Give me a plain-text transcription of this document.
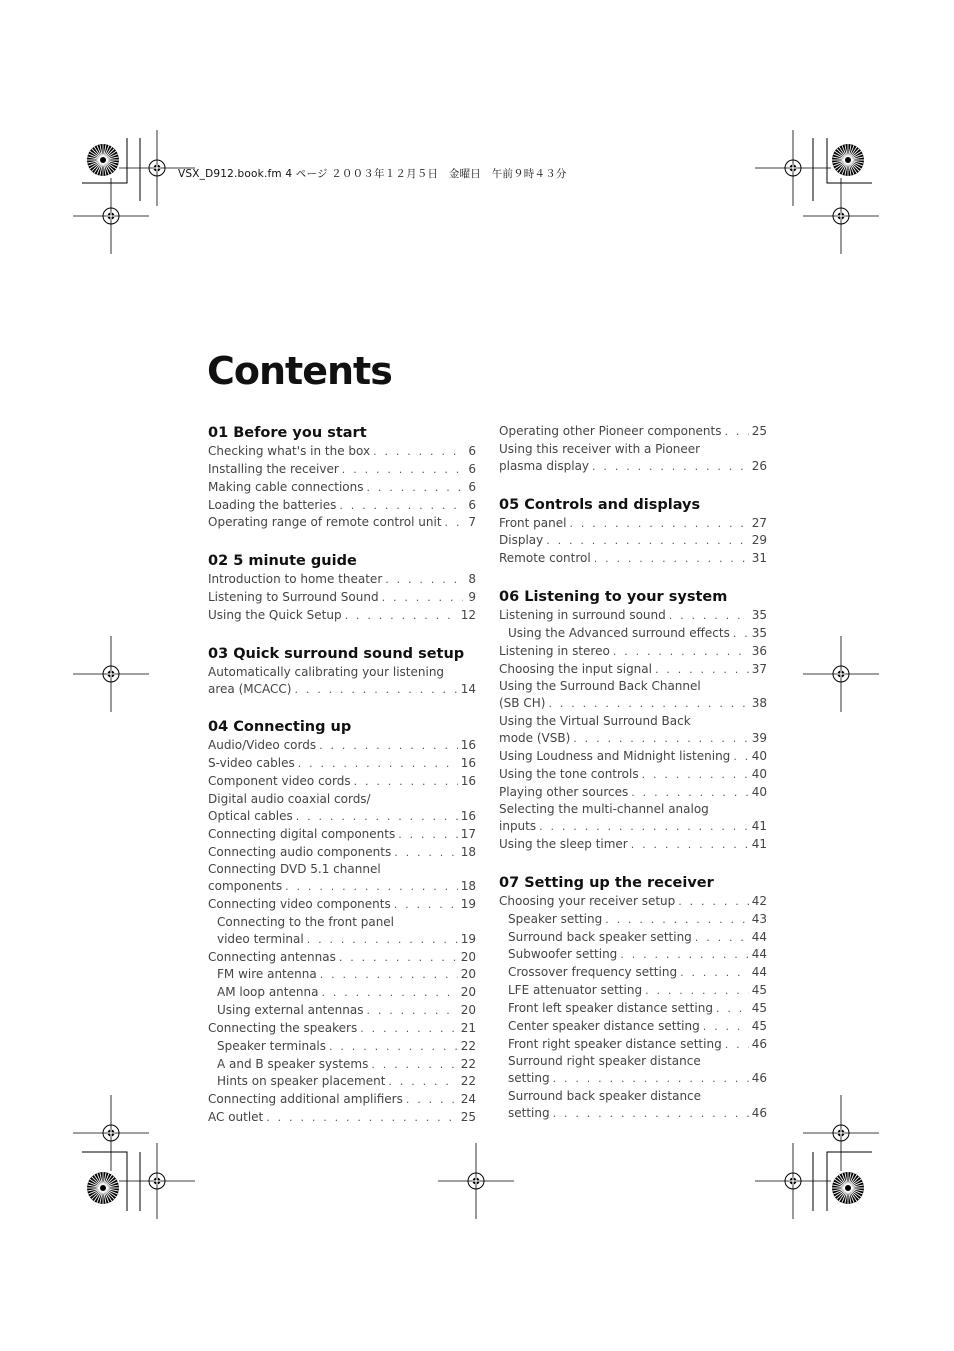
VSX_D912.book.fm 4 ページ ２００３年１２月５日　金曜日　午前９時４３分
Contents
01 Before you start
Checking what's in the box . . .	6
Installing the receiver . . .	6
Making cable connections . . .	6
Loading the batteries . . .	6
Operating range of remote control unit . . . 7
02 5 minute guide
Introduction to home theater . . .	8
Listening to Surround Sound . . .	9
Using the Quick Setup . . .	12
03 Quick surround sound setup
Automatically calibrating your listening
area (MCACC) . . .	14
04 Connecting up
Audio/Video cords . . .	16
S-video cables . . .	16
Component video cords . . .	16
Digital audio coaxial cords/
Optical cables . . .	16
Connecting digital components . . .	17
Connecting audio components . . .	18
Connecting DVD 5.1 channel
components . . .	18
Connecting video components . . .	19
Connecting to the front panel
video terminal . . .	19
Connecting antennas . . .	20
FM wire antenna . . .	20
AM loop antenna . . .	20
Using external antennas . . .	20
Connecting the speakers . . .	21
Speaker terminals . . .	22
A and B speaker systems . . .	22
Hints on speaker placement . . .	22
Connecting additional amplifiers . . .	24
AC outlet . . .	25
Operating other Pioneer components . . .	25
Using this receiver with a Pioneer
plasma display . . .	26
05 Controls and displays
Front panel . . .	27
Display . . .	29
Remote control . . .	31
06 Listening to your system
Listening in surround sound . . .	35
Using the Advanced surround effects . . . 35
Listening in stereo . . .	36
Choosing the input signal . . .	37
Using the Surround Back Channel
(SB CH) . . .	38
Using the Virtual Surround Back
mode (VSB) . . .	39
Using Loudness and Midnight listening . . . 40
Using the tone controls . . .	40
Playing other sources . . .	40
Selecting the multi-channel analog
inputs . . .	41
Using the sleep timer . . .	41
07 Setting up the receiver
Choosing your receiver setup . . .	42
Speaker setting . . .	43
Surround back speaker setting . . .	44
Subwoofer setting . . .	44
Crossover frequency setting . . .	44
LFE attenuator setting . . .	45
Front left speaker distance setting . . .	45
Center speaker distance setting . . .	45
Front right speaker distance setting . . .	46
Surround right speaker distance
setting . . .	46
Surround back speaker distance
setting . . .	46
